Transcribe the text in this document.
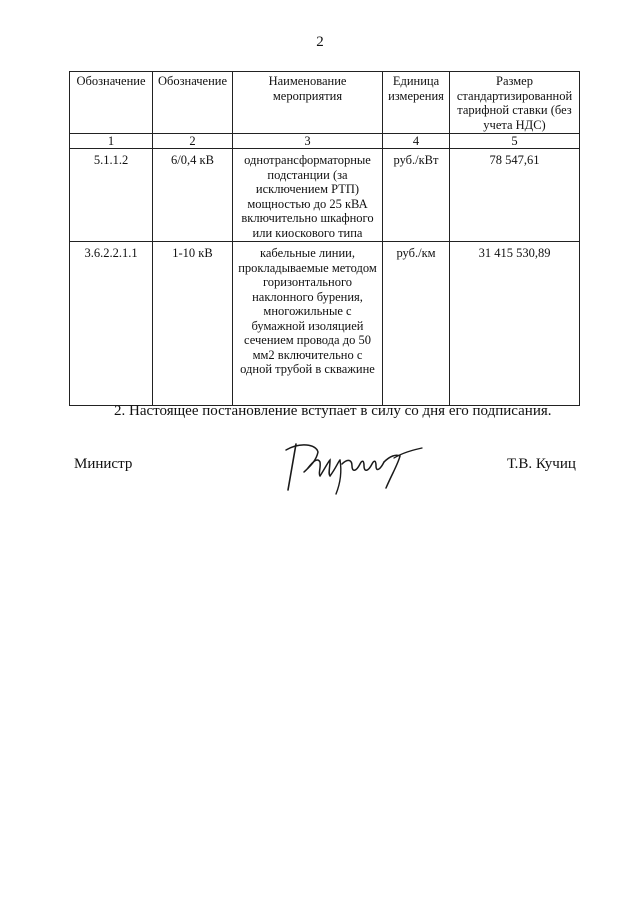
2
Обозначение	Обозначение	Наименование мероприятия	Единица измерения	Размер стандартизированной тарифной ставки (без учета НДС)
1	2	3	4	5
5.1.1.2	6/0,4 кВ	однотрансформаторные подстанции (за исключением РТП) мощностью до 25 кВА включительно шкафного или киоскового типа	руб./кВт	78 547,61
3.6.2.2.1.1	1-10 кВ	кабельные линии, прокладываемые методом горизонтального наклонного бурения, многожильные с бумажной изоляцией сечением провода до 50 мм2 включительно с одной трубой в скважине	руб./км	31 415 530,89
2. Настоящее постановление вступает в силу со дня его подписания.
Министр	Т.В. Кучиц
